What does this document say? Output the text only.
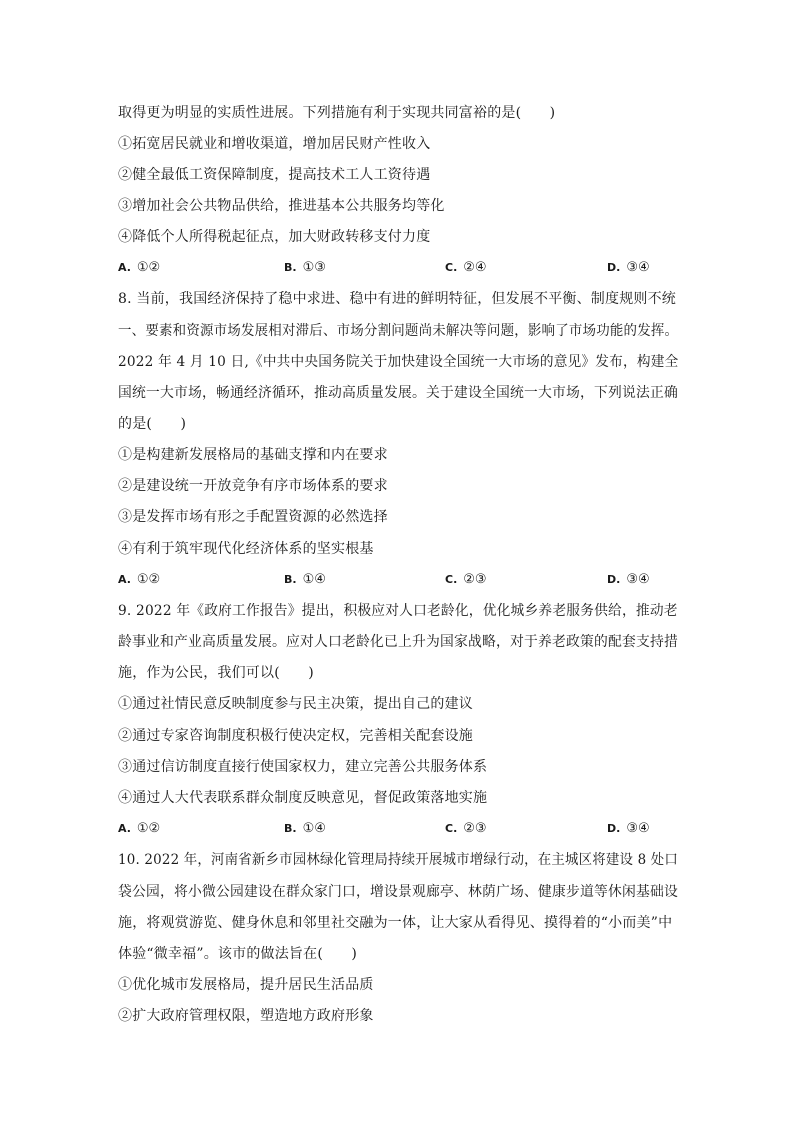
取得更为明显的实质性进展。下列措施有利于实现共同富裕的是(　　)
①拓宽居民就业和增收渠道，增加居民财产性收入
②健全最低工资保障制度，提高技术工人工资待遇
③增加社会公共物品供给，推进基本公共服务均等化
④降低个人所得税起征点，加大财政转移支付力度
A. ①②	B. ①③	C. ②④	D. ③④
8. 当前，我国经济保持了稳中求进、稳中有进的鲜明特征，但发展不平衡、制度规则不统
一、要素和资源市场发展相对滞后、市场分割问题尚未解决等问题，影响了市场功能的发挥。
2022 年 4 月 10 日,《中共中央国务院关于加快建设全国统一大市场的意见》发布，构建全
国统一大市场，畅通经济循环，推动高质量发展。关于建设全国统一大市场，下列说法正确
的是(　　)
①是构建新发展格局的基础支撑和内在要求
②是建设统一开放竞争有序市场体系的要求
③是发挥市场有形之手配置资源的必然选择
④有利于筑牢现代化经济体系的坚实根基
A. ①②	B. ①④	C. ②③	D. ③④
9. 2022 年《政府工作报告》提出，积极应对人口老龄化，优化城乡养老服务供给，推动老
龄事业和产业高质量发展。应对人口老龄化已上升为国家战略，对于养老政策的配套支持措
施，作为公民，我们可以(　　)
①通过社情民意反映制度参与民主决策，提出自己的建议
②通过专家咨询制度积极行使决定权，完善相关配套设施
③通过信访制度直接行使国家权力，建立完善公共服务体系
④通过人大代表联系群众制度反映意见，督促政策落地实施
A. ①②	B. ①④	C. ②③	D. ③④
10. 2022 年，河南省新乡市园林绿化管理局持续开展城市增绿行动，在主城区将建设 8 处口
袋公园，将小微公园建设在群众家门口，增设景观廊亭、林荫广场、健康步道等休闲基础设
施，将观赏游览、健身休息和邻里社交融为一体，让大家从看得见、摸得着的“小而美”中
体验“微幸福”。该市的做法旨在(　　)
①优化城市发展格局，提升居民生活品质
②扩大政府管理权限，塑造地方政府形象
